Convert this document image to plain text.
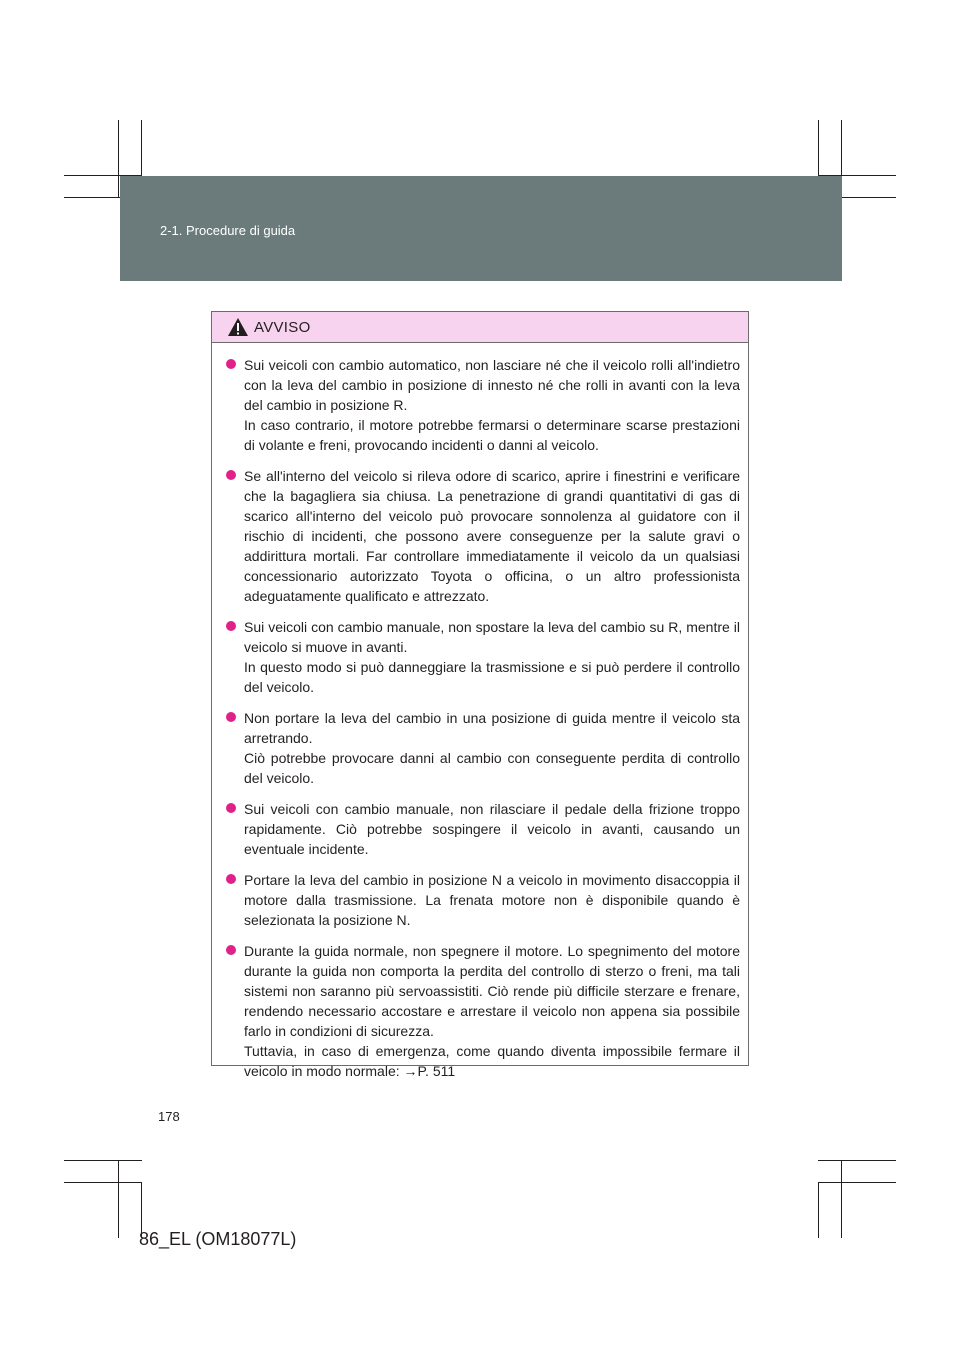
2-1. Procedure di guida
AVVISO

Sui veicoli con cambio automatico, non lasciare né che il veicolo rolli all'indietro con la leva del cambio in posizione di innesto né che rolli in avanti con la leva del cambio in posizione R.

In caso contrario, il motore potrebbe fermarsi o determinare scarse prestazioni di volante e freni, provocando incidenti o danni al veicolo.

Se all'interno del veicolo si rileva odore di scarico, aprire i finestrini e verificare che la bagagliera sia chiusa. La penetrazione di grandi quantitativi di gas di scarico all'interno del veicolo può provocare sonnolenza al guidatore con il rischio di incidenti, che possono avere conseguenze per la salute gravi o addirittura mortali. Far controllare immediatamente il veicolo da un qualsiasi concessionario autorizzato Toyota o officina, o un altro professionista adeguatamente qualificato e attrezzato.

Sui veicoli con cambio manuale, non spostare la leva del cambio su R, mentre il veicolo si muove in avanti.

In questo modo si può danneggiare la trasmissione e si può perdere il controllo del veicolo.

Non portare la leva del cambio in una posizione di guida mentre il veicolo sta arretrando.

Ciò potrebbe provocare danni al cambio con conseguente perdita di controllo del veicolo.

Sui veicoli con cambio manuale, non rilasciare il pedale della frizione troppo rapidamente. Ciò potrebbe sospingere il veicolo in avanti, causando un eventuale incidente.

Portare la leva del cambio in posizione N a veicolo in movimento disaccoppia il motore dalla trasmissione. La frenata motore non è disponibile quando è selezionata la posizione N.

Durante la guida normale, non spegnere il motore. Lo spegnimento del motore durante la guida non comporta la perdita del controllo di sterzo o freni, ma tali sistemi non saranno più servoassistiti. Ciò rende più difficile sterzare e frenare, rendendo necessario accostare e arrestare il veicolo non appena sia possibile farlo in condizioni di sicurezza.

Tuttavia, in caso di emergenza, come quando diventa impossibile fermare il veicolo in modo normale: →P. 511

178
86_EL (OM18077L)
